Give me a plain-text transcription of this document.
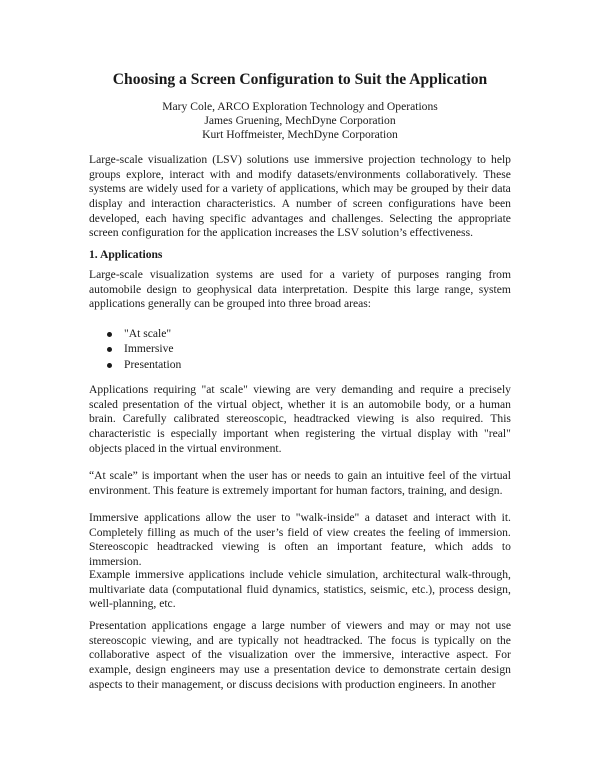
Choosing a Screen Configuration to Suit the Application
Mary Cole, ARCO Exploration Technology and Operations
James Gruening, MechDyne Corporation
Kurt Hoffmeister, MechDyne Corporation
Large-scale visualization (LSV) solutions use immersive projection technology to help
groups explore, interact with and modify datasets/environments collaboratively. These
systems are widely used for a variety of applications, which may be grouped by their data
display and interaction characteristics. A number of screen configurations have been
developed, each having specific advantages and challenges. Selecting the appropriate
screen configuration for the application increases the LSV solution’s effectiveness.
1. Applications
Large-scale visualization systems are used for a variety of purposes ranging from
automobile design to geophysical data interpretation. Despite this large range, system
applications generally can be grouped into three broad areas:
"At scale"
Immersive
Presentation
Applications requiring "at scale" viewing are very demanding and require a precisely
scaled presentation of the virtual object, whether it is an automobile body, or a human
brain. Carefully calibrated stereoscopic, headtracked viewing is also required. This
characteristic is especially important when registering the virtual display with "real"
objects placed in the virtual environment.
“At scale” is important when the user has or needs to gain an intuitive feel of the virtual
environment. This feature is extremely important for human factors, training, and design.
Immersive applications allow the user to "walk-inside" a dataset and interact with it.
Completely filling as much of the user’s field of view creates the feeling of immersion.
Stereoscopic headtracked viewing is often an important feature, which adds to
immersion.
Example immersive applications include vehicle simulation, architectural walk-through,
multivariate data (computational fluid dynamics, statistics, seismic, etc.), process design,
well-planning, etc.
Presentation applications engage a large number of viewers and may or may not use
stereoscopic viewing, and are typically not headtracked. The focus is typically on the
collaborative aspect of the visualization over the immersive, interactive aspect. For
example, design engineers may use a presentation device to demonstrate certain design
aspects to their management, or discuss decisions with production engineers. In another
